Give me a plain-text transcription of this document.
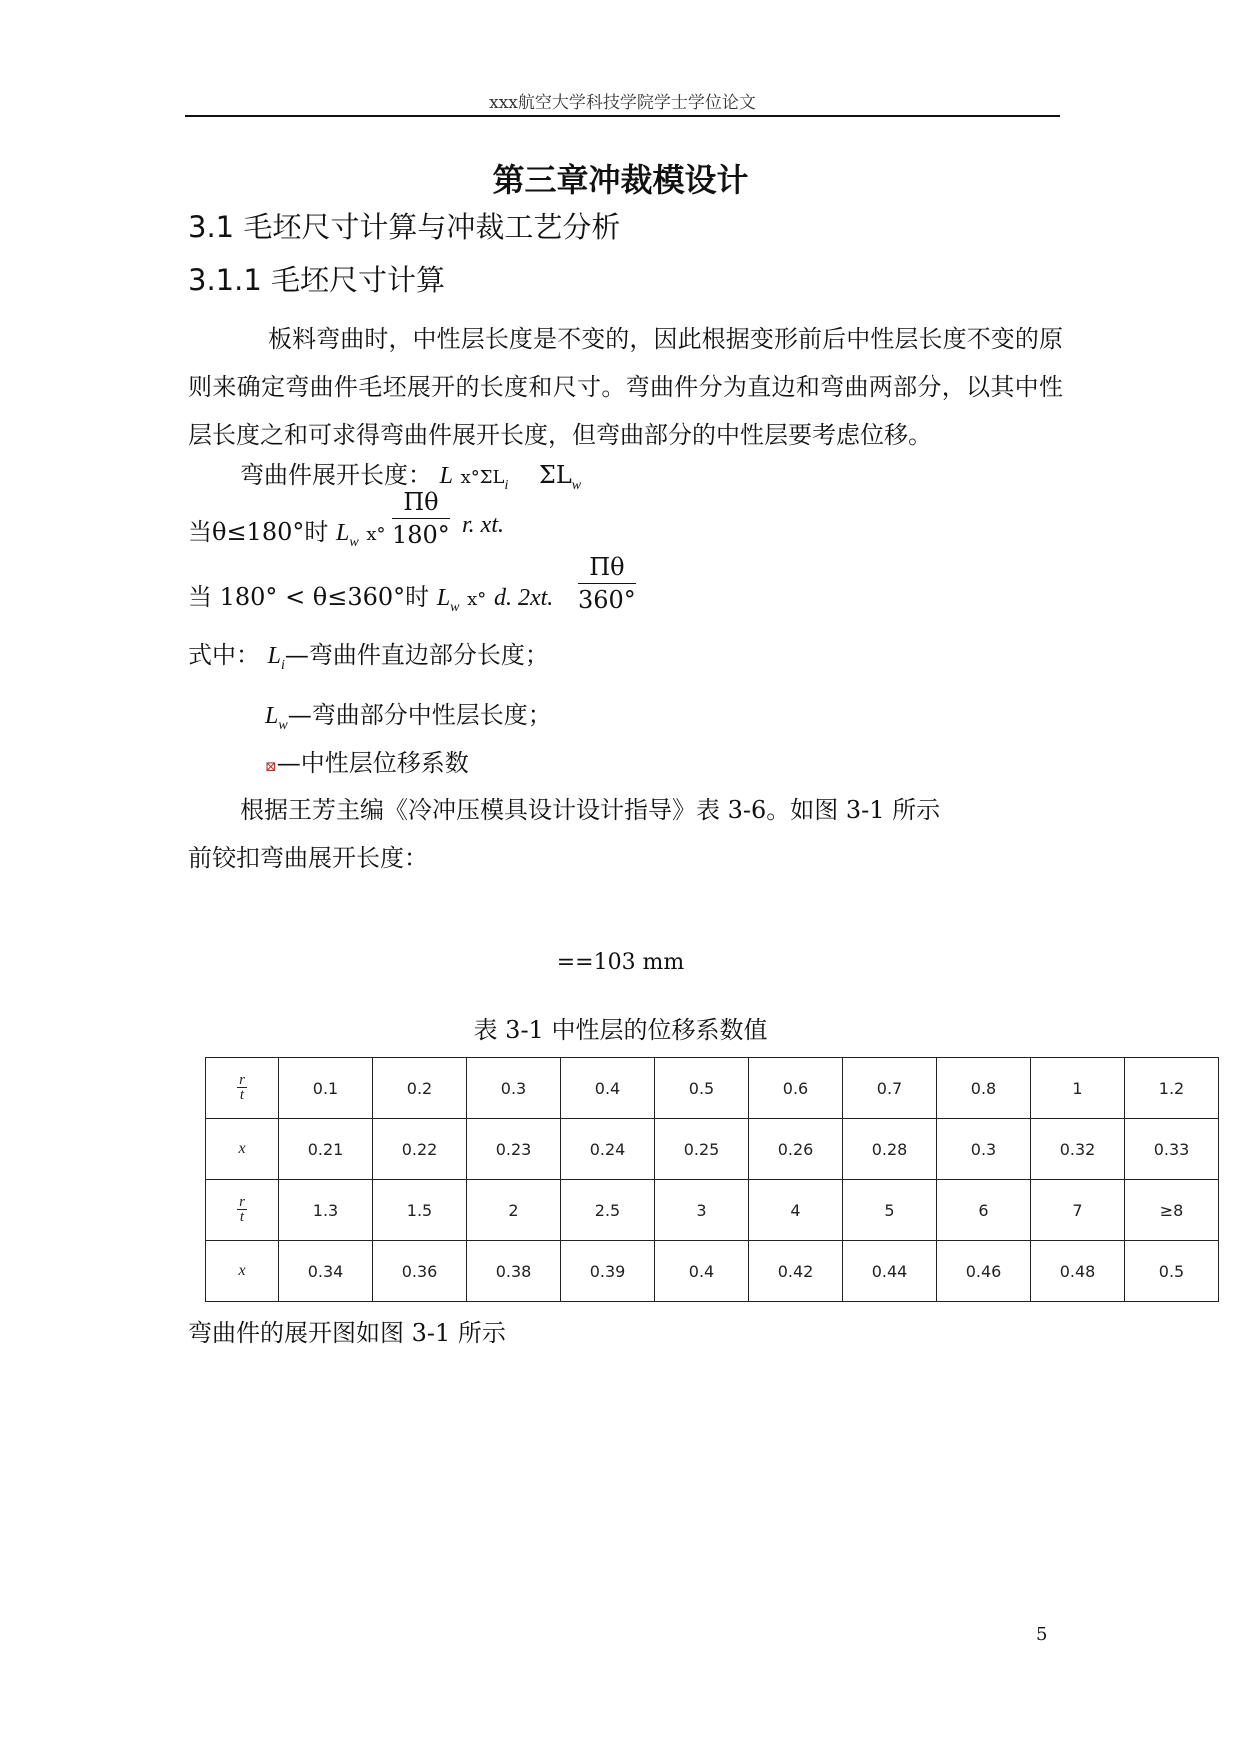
xxx航空大学科技学院学士学位论文
第三章冲裁模设计
3.1 毛坯尺寸计算与冲裁工艺分析
3.1.1 毛坯尺寸计算
板料弯曲时，中性层长度是不变的，因此根据变形前后中性层长度不变的原则来确定弯曲件毛坯展开的长度和尺寸。弯曲件分为直边和弯曲两部分，以其中性层长度之和可求得弯曲件展开长度，但弯曲部分的中性层要考虑位移。
弯曲件展开长度： L $ⅹ^\circ\Sigma L_i$ $\Sigma L_w$
当θ≤180°时 $L_w$ ⅹ° $\frac{\Pi\theta}{180^\circ} r$. xt.
当 180° < θ≤360°时 $L_w$ ⅹ° d. 2xt. $\frac{\Pi\theta}{360^\circ}$
式中： $L_i—$弯曲件直边部分长度；
$L_w—$弯曲部分中性层长度；
⊠—中性层位移系数
根据王芳主编《冷冲压模具设计设计指导》表 3-6。如图 3-1 所示
前铰扣弯曲展开长度：
==103 mm
表 3-1 中性层的位移系数值
$\frac{r}{t}$	0.1	0.2	0.3	0.4	0.5	0.6	0.7	0.8	1	1.2
x	0.21	0.22	0.23	0.24	0.25	0.26	0.28	0.3	0.32	0.33

$\frac{r}{t}$	1.3	1.5	2	2.5	3	4	5	6	7	≥8
x	0.34	0.36	0.38	0.39	0.4	0.42	0.44	0.46	0.48	0.5
弯曲件的展开图如图 3-1 所示
5
